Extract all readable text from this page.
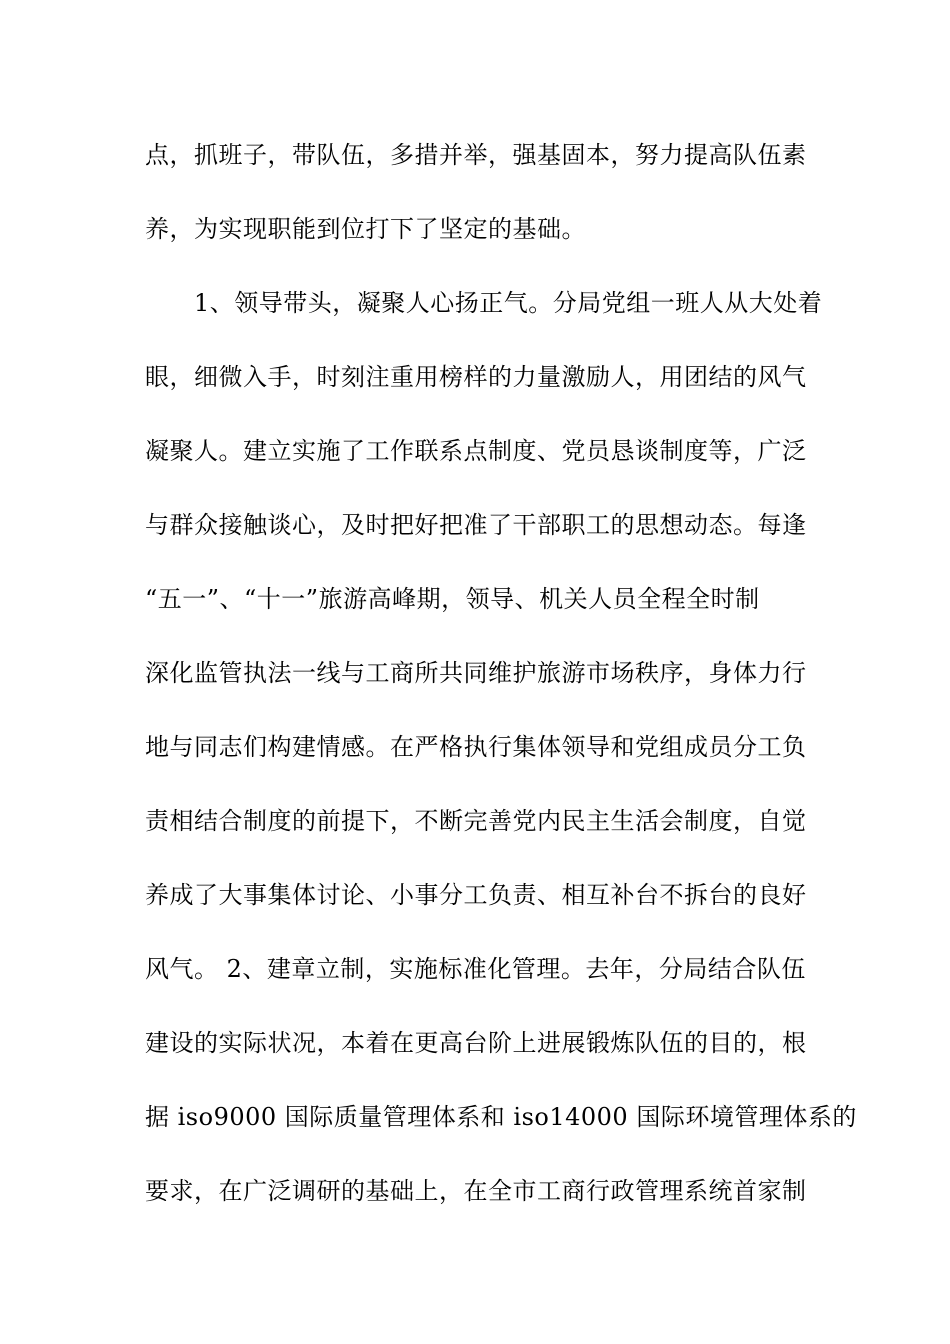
点，抓班子，带队伍，多措并举，强基固本，努力提高队伍素
养，为实现职能到位打下了坚定的基础。
　　1、领导带头，凝聚人心扬正气。分局党组一班人从大处着
眼，细微入手，时刻注重用榜样的力量激励人，用团结的风气
凝聚人。建立实施了工作联系点制度、党员恳谈制度等，广泛
与群众接触谈心，及时把好把准了干部职工的思想动态。每逢
“五一”、“十一”旅游高峰期，领导、机关人员全程全时制
深化监管执法一线与工商所共同维护旅游市场秩序，身体力行
地与同志们构建情感。在严格执行集体领导和党组成员分工负
责相结合制度的前提下，不断完善党内民主生活会制度，自觉
养成了大事集体讨论、小事分工负责、相互补台不拆台的良好
风气。 2、建章立制，实施标准化管理。去年，分局结合队伍
建设的实际状况，本着在更高台阶上进展锻炼队伍的目的，根
据 iso9000 国际质量管理体系和 iso14000 国际环境管理体系的
要求，在广泛调研的基础上，在全市工商行政管理系统首家制
